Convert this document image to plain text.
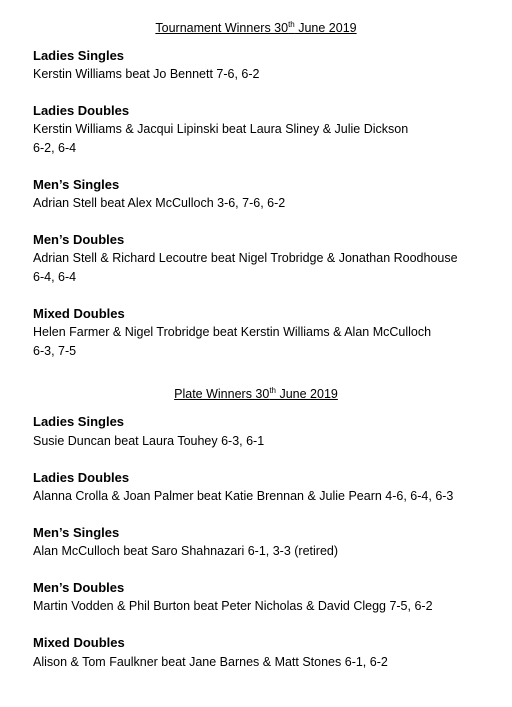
Tournament Winners 30th June 2019
Ladies Singles
Kerstin Williams beat Jo Bennett 7-6, 6-2
Ladies Doubles
Kerstin Williams & Jacqui Lipinski beat Laura Sliney & Julie Dickson
6-2, 6-4
Men’s Singles
Adrian Stell beat Alex McCulloch 3-6, 7-6, 6-2
Men’s Doubles
Adrian Stell & Richard Lecoutre beat Nigel Trobridge & Jonathan Roodhouse
6-4, 6-4
Mixed Doubles
Helen Farmer & Nigel Trobridge beat Kerstin Williams & Alan McCulloch
6-3, 7-5
Plate Winners 30th June 2019
Ladies Singles
Susie Duncan beat Laura Touhey 6-3, 6-1
Ladies Doubles
Alanna Crolla & Joan Palmer beat Katie Brennan & Julie Pearn 4-6, 6-4, 6-3
Men’s Singles
Alan McCulloch beat Saro Shahnazari 6-1, 3-3 (retired)
Men’s Doubles
Martin Vodden & Phil Burton beat Peter Nicholas & David Clegg 7-5, 6-2
Mixed Doubles
Alison & Tom Faulkner beat Jane Barnes & Matt Stones 6-1, 6-2
